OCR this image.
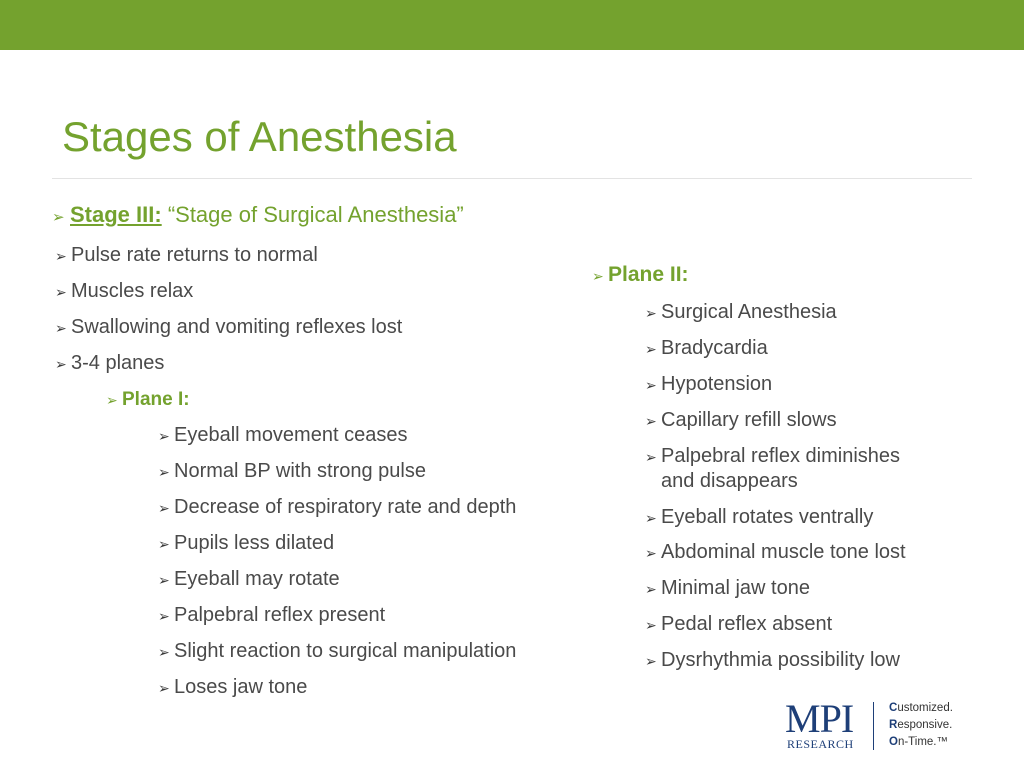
Stages of Anesthesia
➢ Stage III: “Stage of Surgical Anesthesia”
➢ Pulse rate returns to normal
➢ Muscles relax
➢ Swallowing and vomiting reflexes lost
➢ 3-4 planes
➢ Plane I:
➢ Eyeball movement ceases
➢ Normal BP with strong pulse
➢ Decrease of respiratory rate and depth
➢ Pupils less dilated
➢ Eyeball may rotate
➢ Palpebral reflex present
➢ Slight reaction to surgical manipulation
➢ Loses jaw tone
➢ Plane II:
➢ Surgical Anesthesia
➢ Bradycardia
➢ Hypotension
➢ Capillary refill slows
➢ Palpebral reflex diminishes
and disappears
➢ Eyeball rotates ventrally
➢ Abdominal muscle tone lost
➢ Minimal jaw tone
➢ Pedal reflex absent
➢ Dysrhythmia possibility low
MPI
RESEARCH
Customized.
Responsive.
On-Time.™
